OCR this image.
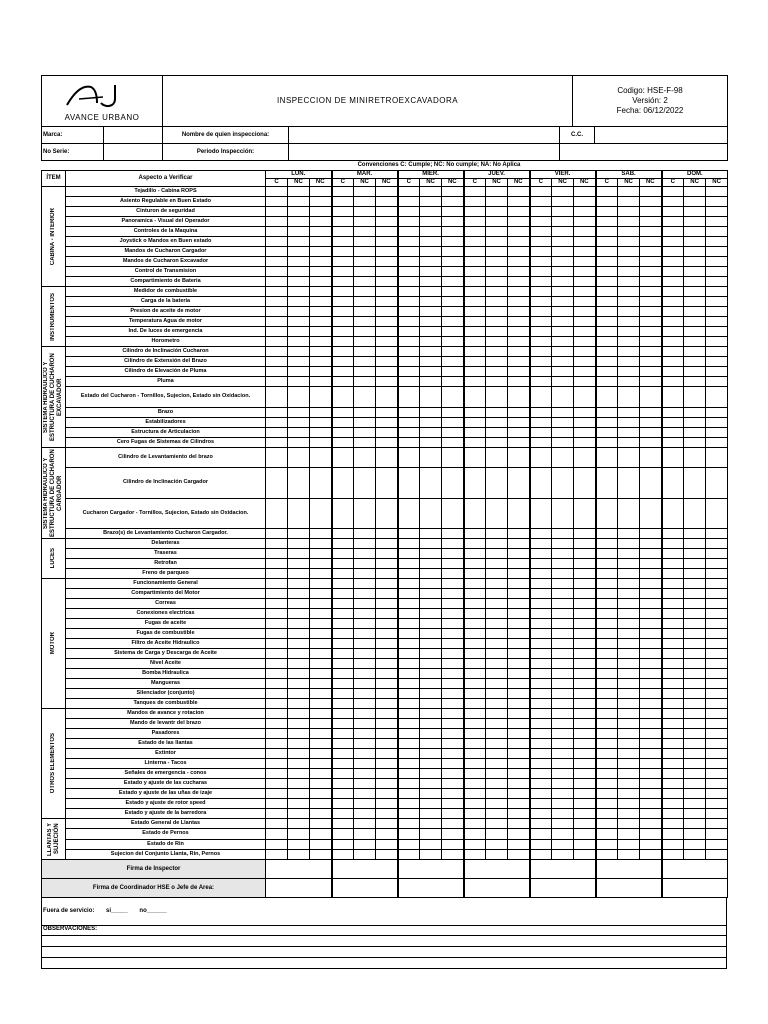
AVANCE URBANO
	INSPECCION DE MINIRETROEXCAVADORA	
Codigo: HSE-F-98
Versión: 2
Fecha: 06/12/2022
Marca:		Nombre de quien inspecciona:		C.C.	
No Serie:		Periodo Inspección:			
Convenciones C: Cumple; NC: No cumple; NA: No Aplica
ÍTEM	Aspecto a Verificar	LUN.			MAR.			MIER.			JUEV.			VIER.			SAB.			DOM.		
		C	NC	NC	C	NC	NC	C	NC	NC	C	NC	NC	C	NC	NC	C	NC	NC	C	NC	NC

CABINA - INTERIOR	Tejadillo - Cabina ROPS																					
	Asiento Regulable en Buen Estado																					
	Cinturon de seguridad																					
	Panoramica - Visual del Operador																					
	Controles de la Maquina																					
	Joystick o Mandos en Buen estado																					
	Mandos de Cucharon Cargador																					
	Mandos de Cucharon Excavador																					
	Control de Transmision																					
	Compartimiento de Bateria																					

INSTRUMENTOS	Medidor de combustible																					
	Carga de la bateria																					
	Presion de aceite de motor																					
	Temperatura Agua de motor																					
	Ind. De luces de emergencia																					
	Horometro																					

SISTEMA HIDRAULICO Y ESTRUCTURA DE CUCHARON EXCAVADOR	Cilindro de Inclinación Cucharon																					
	Cilindro de Extensión del Brazo																					
	Cilindro de Elevación de Pluma																					
	Pluma																					
	Estado del Cucharon - Tornillos, Sujecion, Estado sin Oxidacion.																					
	Brazo																					
	Estabilizadores																					
	Estructura de Articulacion																					
	Cero Fugas de Sistemas de Cilindros																					

SISTEMA HIDRAULICO Y ESTRUCTURA DE CUCHARON CARGADOR	Cilindro de Levantamiento del brazo																					
	Cilindro de Inclinación Cargador																					
	Cucharon Cargador - Tornillos, Sujecion, Estado sin Oxidacion.																					
	Brazo(s) de Levantamiento Cucharon Cargador.																					

LUCES	Delanteras																					
	Traseras																					
	Retrofan																					
	Freno de parqueo																					

MOTOR	Funcionamiento General																					
	Compartimiento del Motor																					
	Correas																					
	Conexiones electricas																					
	Fugas de aceite																					
	Fugas de combustible																					
	Filtro de Aceite Hidraulico																					
	Sistema de Carga y Descarga de Aceite																					
	Nivel Aceite																					
	Bomba Hidraulica																					
	Mangueras																					
	Silenciador (conjunto)																					
	Tanques de combustible																					

OTROS ELEMENTOS	Mandos de avance y rotacion																					
	Mando de levantr del brazo																					
	Pasadores																					
	Estado de las llantas																					
	Extintor																					
	Linterna - Tacos																					
	Señales de emergencia - conos																					
	Estado y ajuste de las cucharas																					
	Estado y ajuste de las uñas de izaje																					
	Estado y ajuste de rotor speed																					
	Estado y ajuste de la barredora																					

LLANTAS Y SUJECIÓN	Estado General de Llantas																					
	Estado de Pernos																					
	Estado de Rin																					
	Sujecion del Conjunto Llanta, Rin, Pernos																					
Firma de Inspector							
Firma de Coordinador HSE o Jefe de Area:							
Fuera de servicio: si_____ no______
OBSERVACIONES:
